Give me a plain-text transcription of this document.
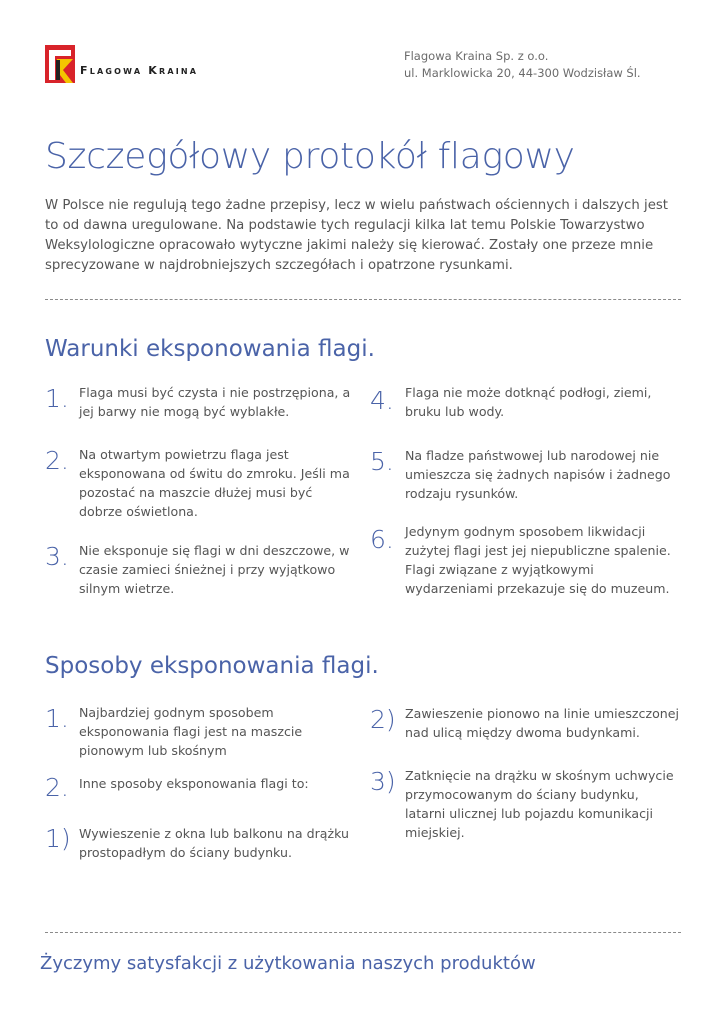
Flagowa Kraina
Flagowa Kraina Sp. z o.o.
ul. Marklowicka 20, 44-300 Wodzisław Śl.
Szczegółowy protokół flagowy
W Polsce nie regulują tego żadne przepisy, lecz w wielu państwach ościennych i dalszych jest to od dawna uregulowane. Na podstawie tych regulacji kilka lat temu Polskie Towarzystwo Weksylologiczne opracowało wytyczne jakimi należy się kierować. Zostały one przeze mnie sprecyzowane w najdrobniejszych szczegółach i opatrzone rysunkami.
Warunki eksponowania flagi.
1. Flaga musi być czysta i nie postrzępiona, a jej barwy nie mogą być wyblakłe.
2. Na otwartym powietrzu flaga jest eksponowana od świtu do zmroku. Jeśli ma pozostać na maszcie dłużej musi być dobrze oświetlona.
3. Nie eksponuje się flagi w dni deszczowe, w czasie zamieci śnieżnej i przy wyjątkowo silnym wietrze.
4. Flaga nie może dotknąć podłogi, ziemi, bruku lub wody.
5. Na fladze państwowej lub narodowej nie umieszcza się żadnych napisów i żadnego rodzaju rysunków.
6. Jedynym godnym sposobem likwidacji zużytej flagi jest jej niepubliczne spalenie. Flagi związane z wyjątkowymi wydarzeniami przekazuje się do muzeum.
Sposoby eksponowania flagi.
1. Najbardziej godnym sposobem eksponowania flagi jest na maszcie pionowym lub skośnym
2. Inne sposoby eksponowania flagi to:
1) Wywieszenie z okna lub balkonu na drążku prostopadłym do ściany budynku.
2) Zawieszenie pionowo na linie umieszczonej nad ulicą między dwoma budynkami.
3) Zatknięcie na drążku w skośnym uchwycie przymocowanym do ściany budynku, latarni ulicznej lub pojazdu komunikacji miejskiej.
Życzymy satysfakcji z użytkowania naszych produktów
